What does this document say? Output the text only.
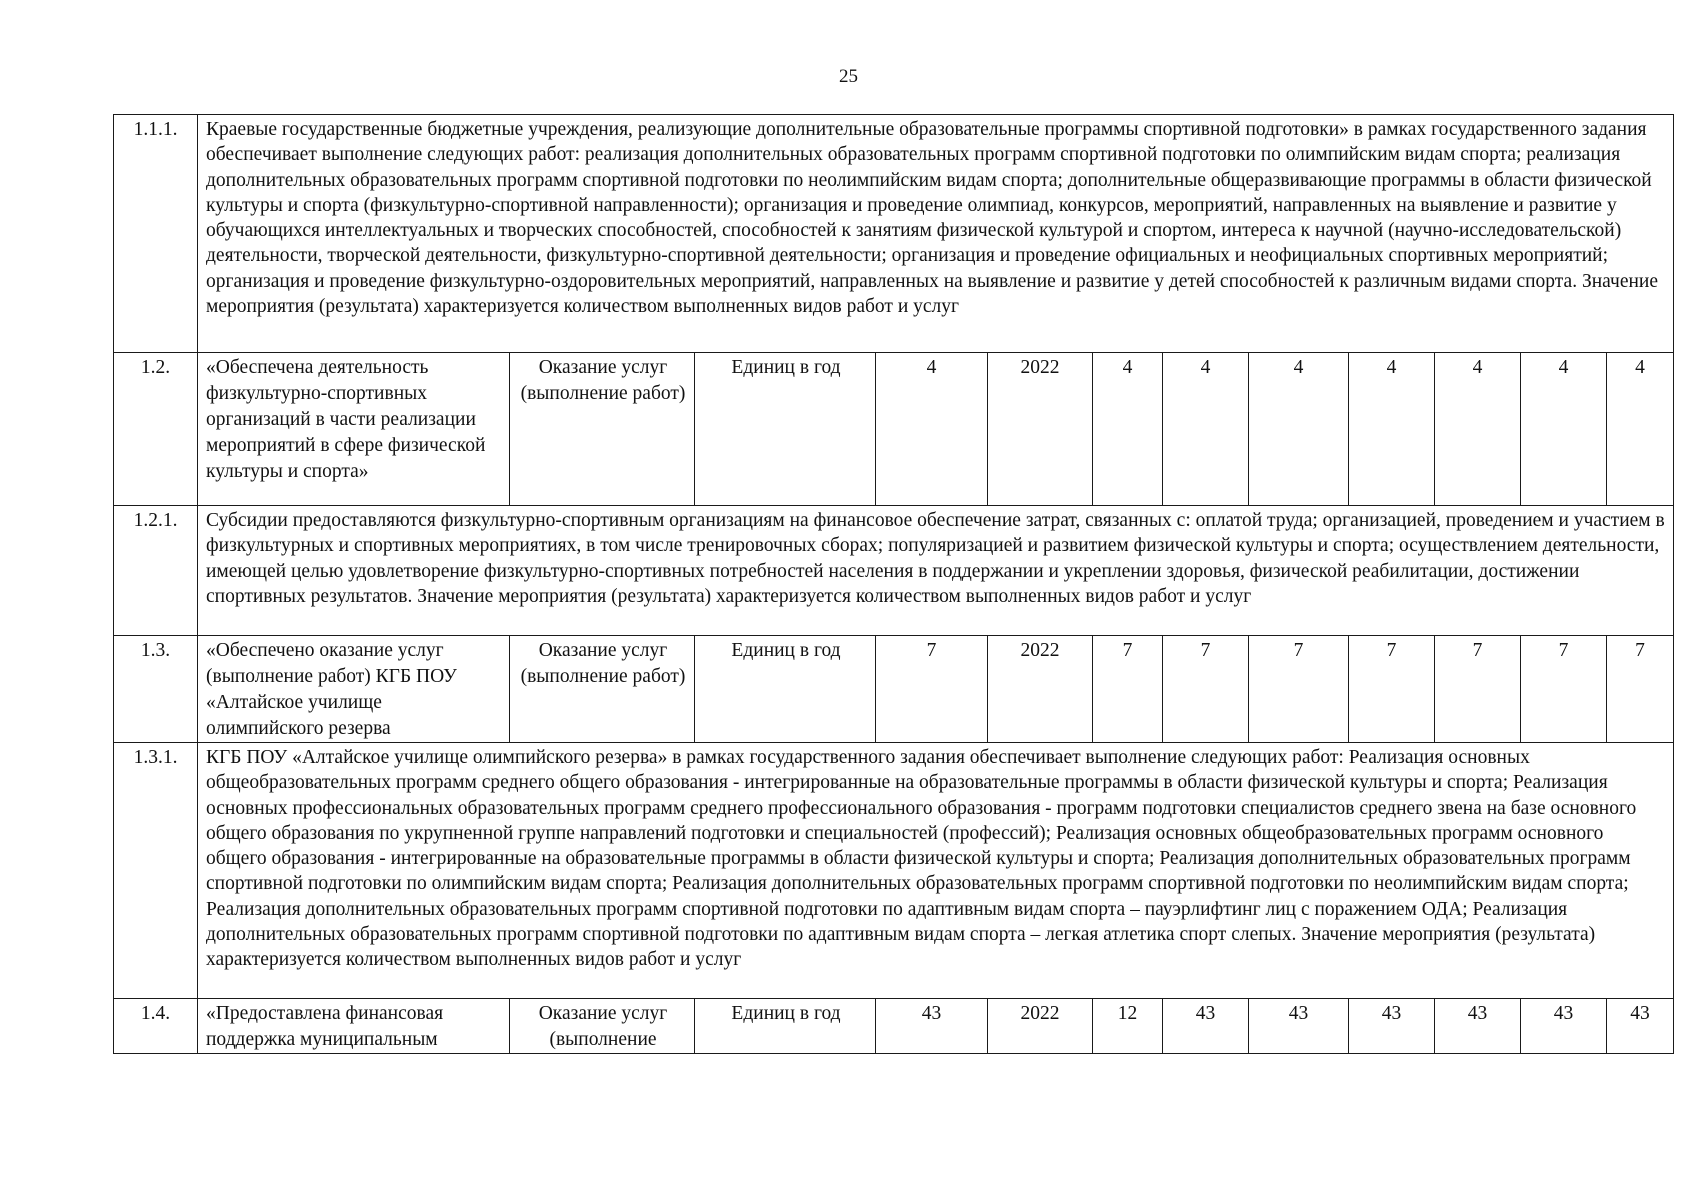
25
1.1.1.	Краевые государственные бюджетные учреждения, реализующие дополнительные образовательные программы спортивной подготовки» в рамках государственного задания обеспечивает выполнение следующих работ: реализация дополнительных образовательных программ спортивной подготовки по олимпийским видам спорта; реализация дополнительных образовательных программ спортивной подготовки по неолимпийским видам спорта; дополнительные общеразвивающие программы в области физической культуры и спорта (физкультурно-спортивной направленности); организация и проведение олимпиад, конкурсов, мероприятий, направленных на выявление и развитие у обучающихся интеллектуальных и творческих способностей, способностей к занятиям физической культурой и спортом, интереса к научной (научно-исследовательской) деятельности, творческой деятельности, физкультурно-спортивной деятельности; организация и проведение официальных и неофициальных спортивных мероприятий; организация и проведение физкультурно-оздоровительных мероприятий, направленных на выявление и развитие у детей способностей к различным видами спорта. Значение мероприятия (результата) характеризуется количеством выполненных видов работ и услуг											
1.2.	«Обеспечена деятельность физкультурно-спортивных организаций в части реализации мероприятий в сфере физической культуры и спорта»	Оказание услуг (выполнение работ)	Единиц в год	4	2022	4	4	4	4	4	4	4
1.2.1.	Субсидии предоставляются физкультурно-спортивным организациям на финансовое обеспечение затрат, связанных с: оплатой труда; организацией, проведением и участием в физкультурных и спортивных мероприятиях, в том числе тренировочных сборах; популяризацией и развитием физической культуры и спорта; осуществлением деятельности, имеющей целью удовлетворение физкультурно-спортивных потребностей населения в поддержании и укреплении здоровья, физической реабилитации, достижении спортивных результатов. Значение мероприятия (результата) характеризуется количеством выполненных видов работ и услуг											
1.3.	«Обеспечено оказание услуг (выполнение работ) КГБ ПОУ «Алтайское училище олимпийского резерва	Оказание услуг (выполнение работ)	Единиц в год	7	2022	7	7	7	7	7	7	7
1.3.1.	КГБ ПОУ «Алтайское училище олимпийского резерва» в рамках государственного задания обеспечивает выполнение следующих работ: Реализация основных общеобразовательных программ среднего общего образования - интегрированные на образовательные программы в области физической культуры и спорта; Реализация основных профессиональных образовательных программ среднего профессионального образования - программ подготовки специалистов среднего звена на базе основного общего образования по укрупненной группе направлений подготовки и специальностей (профессий); Реализация основных общеобразовательных программ основного общего образования - интегрированные на образовательные программы в области физической культуры и спорта; Реализация дополнительных образовательных программ спортивной подготовки по олимпийским видам спорта; Реализация дополнительных образовательных программ спортивной подготовки по неолимпийским видам спорта; Реализация дополнительных образовательных программ спортивной подготовки по адаптивным видам спорта – пауэрлифтинг лиц с поражением ОДА; Реализация дополнительных образовательных программ спортивной подготовки по адаптивным видам спорта – легкая атлетика спорт слепых. Значение мероприятия (результата) характеризуется количеством выполненных видов работ и услуг											
1.4.	«Предоставлена финансовая поддержка муниципальным	Оказание услуг (выполнение	Единиц в год	43	2022	12	43	43	43	43	43	43
